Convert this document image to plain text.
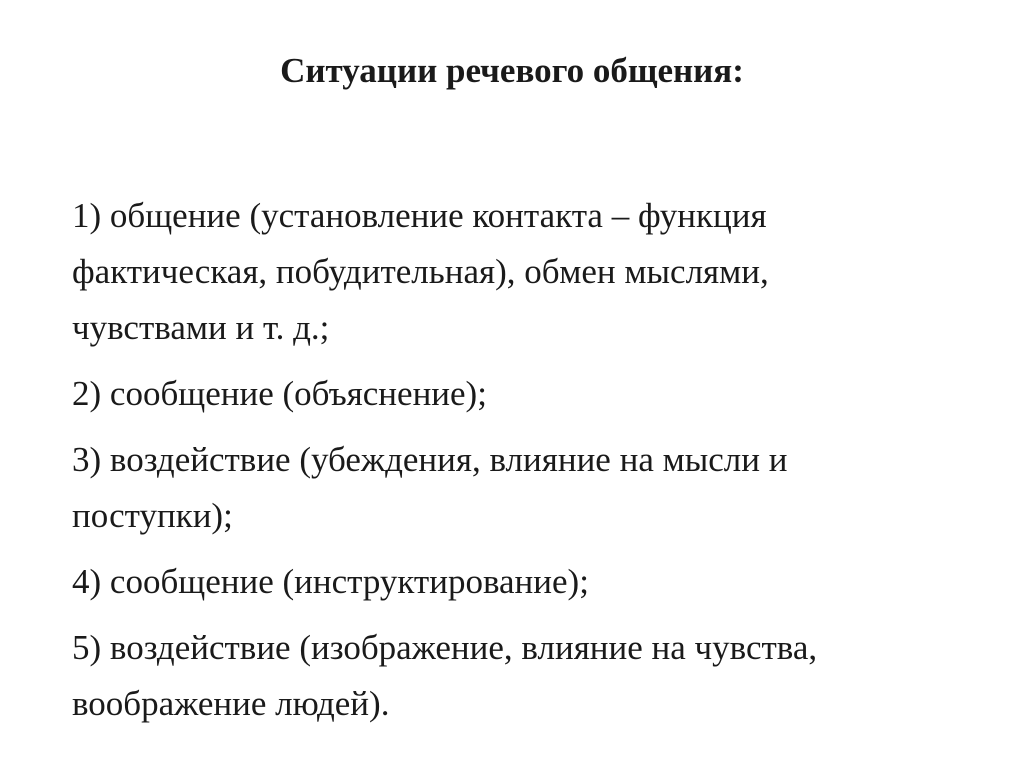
Ситуации речевого общения:
1) общение (установление контакта – функция
фактическая, побудительная), обмен мыслями,
чувствами и т. д.;
2) сообщение (объяснение);
3) воздействие (убеждения, влияние на мысли и
поступки);
4) сообщение (инструктирование);
5) воздействие (изображение, влияние на чувства,
воображение людей).
